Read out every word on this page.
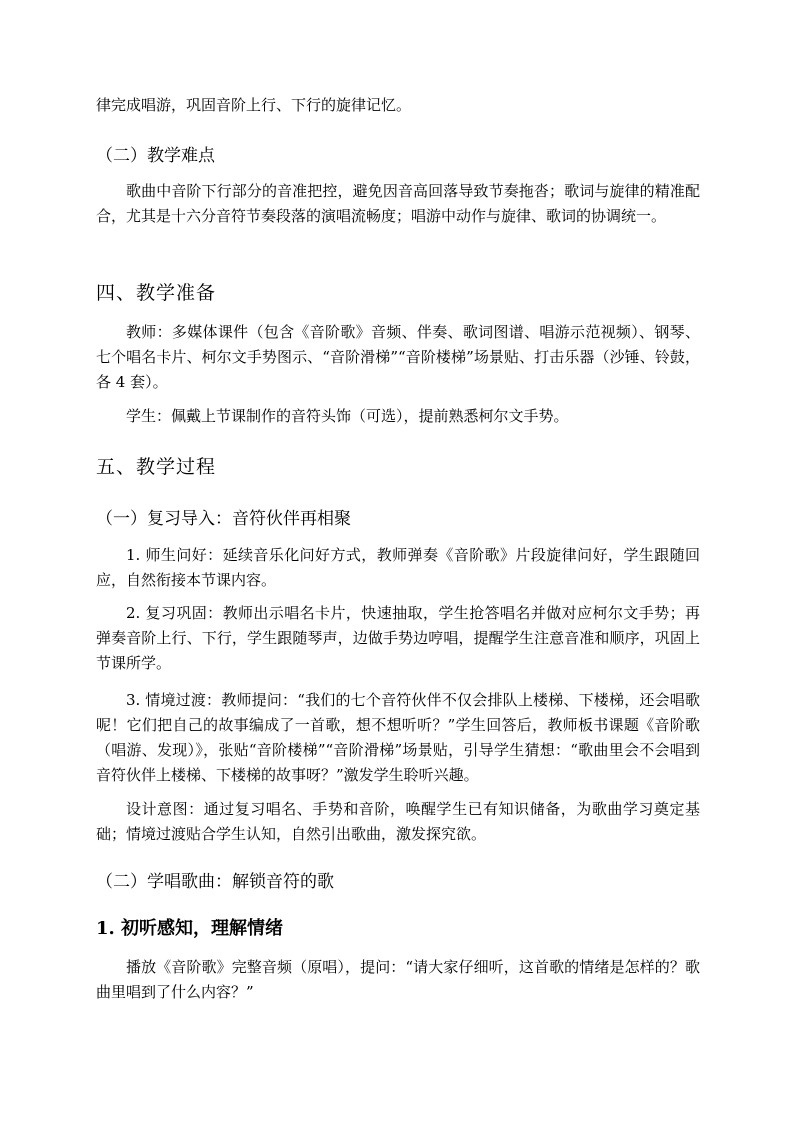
律完成唱游，巩固音阶上行、下行的旋律记忆。

（二）教学难点

歌曲中音阶下行部分的音准把控，避免因音高回落导致节奏拖沓；歌词与旋律的精准配合，尤其是十六分音符节奏段落的演唱流畅度；唱游中动作与旋律、歌词的协调统一。

四、教学准备

教师：多媒体课件（包含《音阶歌》音频、伴奏、歌词图谱、唱游示范视频）、钢琴、七个唱名卡片、柯尔文手势图示、“音阶滑梯”“音阶楼梯”场景贴、打击乐器（沙锤、铃鼓，各 4 套）。

学生：佩戴上节课制作的音符头饰（可选），提前熟悉柯尔文手势。

五、教学过程

（一）复习导入：音符伙伴再相聚

1. 师生问好：延续音乐化问好方式，教师弹奏《音阶歌》片段旋律问好，学生跟随回应，自然衔接本节课内容。

2. 复习巩固：教师出示唱名卡片，快速抽取，学生抢答唱名并做对应柯尔文手势；再弹奏音阶上行、下行，学生跟随琴声，边做手势边哼唱，提醒学生注意音准和顺序，巩固上节课所学。

3. 情境过渡：教师提问：“我们的七个音符伙伴不仅会排队上楼梯、下楼梯，还会唱歌呢！它们把自己的故事编成了一首歌，想不想听听？”学生回答后，教师板书课题《音阶歌（唱游、发现）》，张贴“音阶楼梯”“音阶滑梯”场景贴，引导学生猜想：“歌曲里会不会唱到音符伙伴上楼梯、下楼梯的故事呀？”激发学生聆听兴趣。

设计意图：通过复习唱名、手势和音阶，唤醒学生已有知识储备，为歌曲学习奠定基础；情境过渡贴合学生认知，自然引出歌曲，激发探究欲。

（二）学唱歌曲：解锁音符的歌

1. 初听感知，理解情绪

播放《音阶歌》完整音频（原唱），提问：“请大家仔细听，这首歌的情绪是怎样的？歌曲里唱到了什么内容？”
